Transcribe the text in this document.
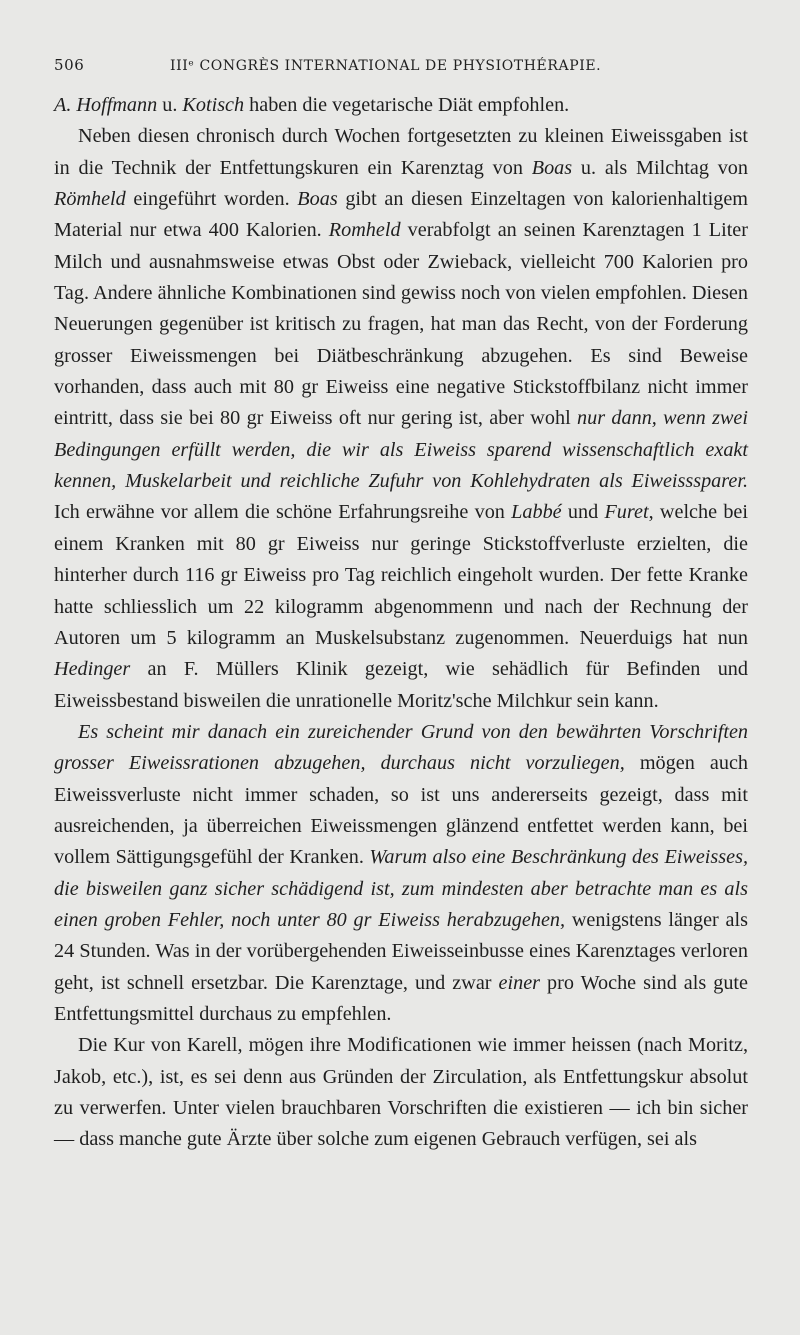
506	IIIᵉ CONGRÈS INTERNATIONAL DE PHYSIOTHÉRAPIE.

A. Hoffmann u. Kotisch haben die vegetarische Diät empfohlen.

Neben diesen chronisch durch Wochen fortgesetzten zu kleinen Eiweissgaben ist in die Technik der Entfettungskuren ein Karenztag von Boas u. als Milchtag von Römheld eingeführt worden. Boas gibt an diesen Einzeltagen von kalorienhaltigem Material nur etwa 400 Kalorien. Romheld verabfolgt an seinen Karenztagen 1 Liter Milch und ausnahmsweise etwas Obst oder Zwieback, vielleicht 700 Kalorien pro Tag. Andere ähnliche Kombinationen sind gewiss noch von vielen empfohlen. Diesen Neuerungen gegenüber ist kritisch zu fragen, hat man das Recht, von der Forderung grosser Eiweissmengen bei Diätbeschränkung abzugehen. Es sind Beweise vorhanden, dass auch mit 80 gr Eiweiss eine negative Stickstoffbilanz nicht immer eintritt, dass sie bei 80 gr Eiweiss oft nur gering ist, aber wohl nur dann, wenn zwei Bedingungen erfüllt werden, die wir als Eiweiss sparend wissenschaftlich exakt kennen, Muskelarbeit und reichliche Zufuhr von Kohlehydraten als Eiweisssparer. Ich erwähne vor allem die schöne Erfahrungsreihe von Labbé und Furet, welche bei einem Kranken mit 80 gr Eiweiss nur geringe Stickstoffverluste erzielten, die hinterher durch 116 gr Eiweiss pro Tag reichlich eingeholt wurden. Der fette Kranke hatte schliesslich um 22 kilogramm abgenommenn und nach der Rechnung der Autoren um 5 kilogramm an Muskelsubstanz zugenommen. Neuerduigs hat nun Hedinger an F. Müllers Klinik gezeigt, wie sehädlich für Befinden und Eiweissbestand bisweilen die unrationelle Moritz'sche Milchkur sein kann.

Es scheint mir danach ein zureichender Grund von den bewährten Vorschriften grosser Eiweissrationen abzugehen, durchaus nicht vorzuliegen, mögen auch Eiweissverluste nicht immer schaden, so ist uns andererseits gezeigt, dass mit ausreichenden, ja überreichen Eiweissmengen glänzend entfettet werden kann, bei vollem Sättigungsgefühl der Kranken. Warum also eine Beschränkung des Eiweisses, die bisweilen ganz sicher schädigend ist, zum mindesten aber betrachte man es als einen groben Fehler, noch unter 80 gr Eiweiss herabzugehen, wenigstens länger als 24 Stunden. Was in der vorübergehenden Eiweisseinbusse eines Karenztages verloren geht, ist schnell ersetzbar. Die Karenztage, und zwar einer pro Woche sind als gute Entfettungsmittel durchaus zu empfehlen.

Die Kur von Karell, mögen ihre Modificationen wie immer heissen (nach Moritz, Jakob, etc.), ist, es sei denn aus Gründen der Zirculation, als Entfettungskur absolut zu verwerfen. Unter vielen brauchbaren Vorschriften die existieren — ich bin sicher — dass manche gute Ärzte über solche zum eigenen Gebrauch verfügen, sei als
